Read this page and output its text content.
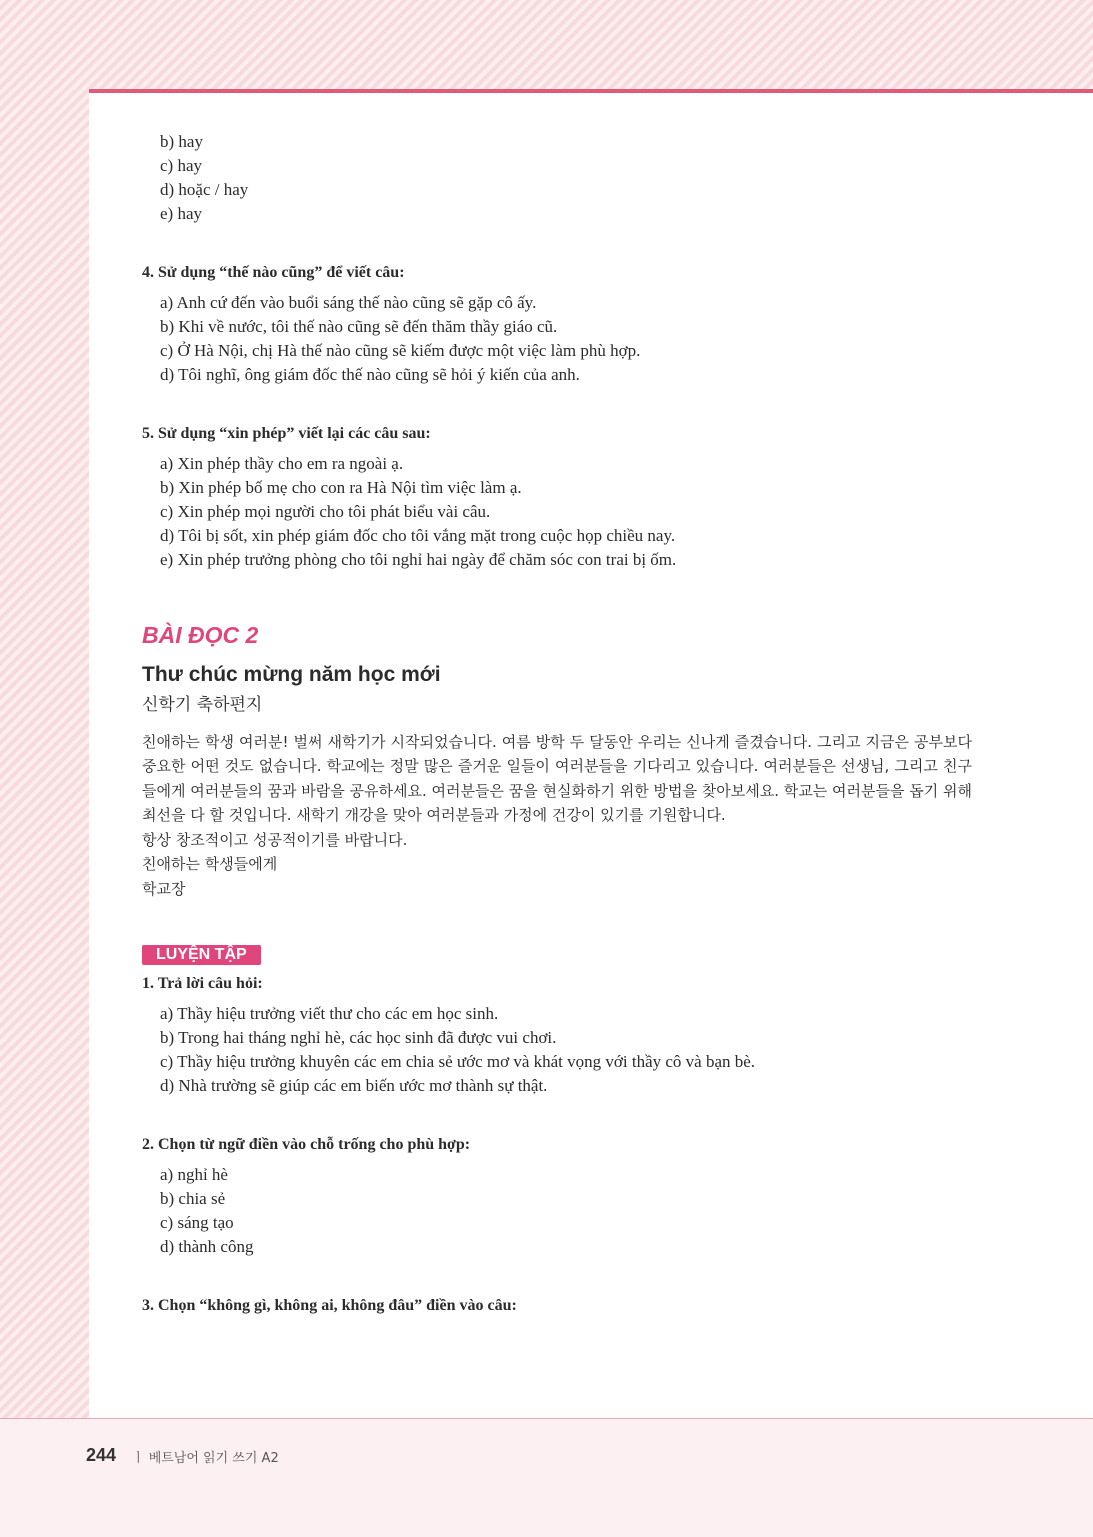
b) hay
c) hay
d) hoặc / hay
e) hay
4. Sử dụng “thế nào cũng” để viết câu:
a) Anh cứ đến vào buổi sáng thế nào cũng sẽ gặp cô ấy.
b) Khi về nước, tôi thế nào cũng sẽ đến thăm thầy giáo cũ.
c) Ở Hà Nội, chị Hà thế nào cũng sẽ kiếm được một việc làm phù hợp.
d) Tôi nghĩ, ông giám đốc thế nào cũng sẽ hỏi ý kiến của anh.
5. Sử dụng “xin phép” viết lại các câu sau:
a) Xin phép thầy cho em ra ngoài ạ.
b) Xin phép bố mẹ cho con ra Hà Nội tìm việc làm ạ.
c) Xin phép mọi người cho tôi phát biểu vài câu.
d) Tôi bị sốt, xin phép giám đốc cho tôi vắng mặt trong cuộc họp chiều nay.
e) Xin phép trưởng phòng cho tôi nghỉ hai ngày để chăm sóc con trai bị ốm.
BÀI ĐỌC 2
Thư chúc mừng năm học mới
신학기 축하편지
친애하는 학생 여러분! 벌써 새학기가 시작되었습니다. 여름 방학 두 달동안 우리는 신나게 즐겼습니다. 그리고 지금은 공부보다 중요한 어떤 것도 없습니다. 학교에는 정말 많은 즐거운 일들이 여러분들을 기다리고 있습니다. 여러분들은 선생님, 그리고 친구들에게 여러분들의 꿈과 바람을 공유하세요. 여러분들은 꿈을 현실화하기 위한 방법을 찾아보세요. 학교는 여러분들을 돕기 위해 최선을 다 할 것입니다. 새학기 개강을 맞아 여러분들과 가정에 건강이 있기를 기원합니다.
항상 창조적이고 성공적이기를 바랍니다.
친애하는 학생들에게
학교장
LUYỆN TẬP
1. Trả lời câu hỏi:
a) Thầy hiệu trưởng viết thư cho các em học sinh.
b) Trong hai tháng nghỉ hè, các học sinh đã được vui chơi.
c) Thầy hiệu trưởng khuyên các em chia sẻ ước mơ và khát vọng với thầy cô và bạn bè.
d) Nhà trường sẽ giúp các em biến ước mơ thành sự thật.
2. Chọn từ ngữ điền vào chỗ trống cho phù hợp:
a) nghỉ hè
b) chia sẻ
c) sáng tạo
d) thành công
3. Chọn “không gì, không ai, không đâu” điền vào câu:
244 ㅣ 베트남어 읽기 쓰기 A2
